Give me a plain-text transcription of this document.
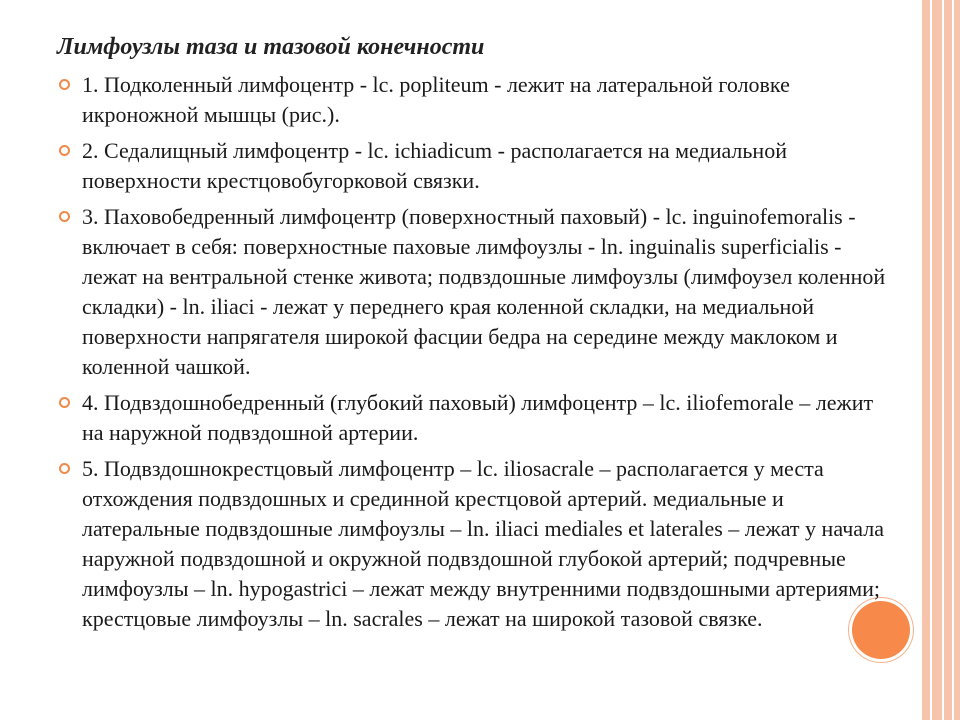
Лимфоузлы таза и тазовой конечности
1. Подколенный лимфоцентр - lc. popliteum - лежит на латеральной головке икроножной мышцы (рис.).
2. Седалищный лимфоцентр - lc. ichiadicum - располагается на медиальной поверхности крестцовобугорковой связки.
3. Паховобедренный лимфоцентр (поверхностный паховый) - lc. inguinofemoralis - включает в себя: поверхностные паховые лимфоузлы - ln. inguinalis superficialis - лежат на вентральной стенке живота; подвздошные лимфоузлы (лимфоузел коленной складки) - ln. iliaci - лежат у переднего края коленной складки, на медиальной поверхности напрягателя широкой фасции бедра на середине между маклоком и коленной чашкой.
4. Подвздошнобедренный (глубокий паховый) лимфоцентр – lc. iliofemorale – лежит на наружной подвздошной артерии.
5. Подвздошнокрестцовый лимфоцентр – lc. iliosacrale – располагается у места отхождения подвздошных и срединной крестцовой артерий. медиальные и латеральные подвздошные лимфоузлы – ln. iliaci mediales et laterales – лежат у начала наружной подвздошной и окружной подвздошной глубокой артерий; подчревные лимфоузлы – ln. hypogastrici – лежат между внутренними подвздошными артериями; крестцовые лимфоузлы – ln. sacrales – лежат на широкой тазовой связке.
